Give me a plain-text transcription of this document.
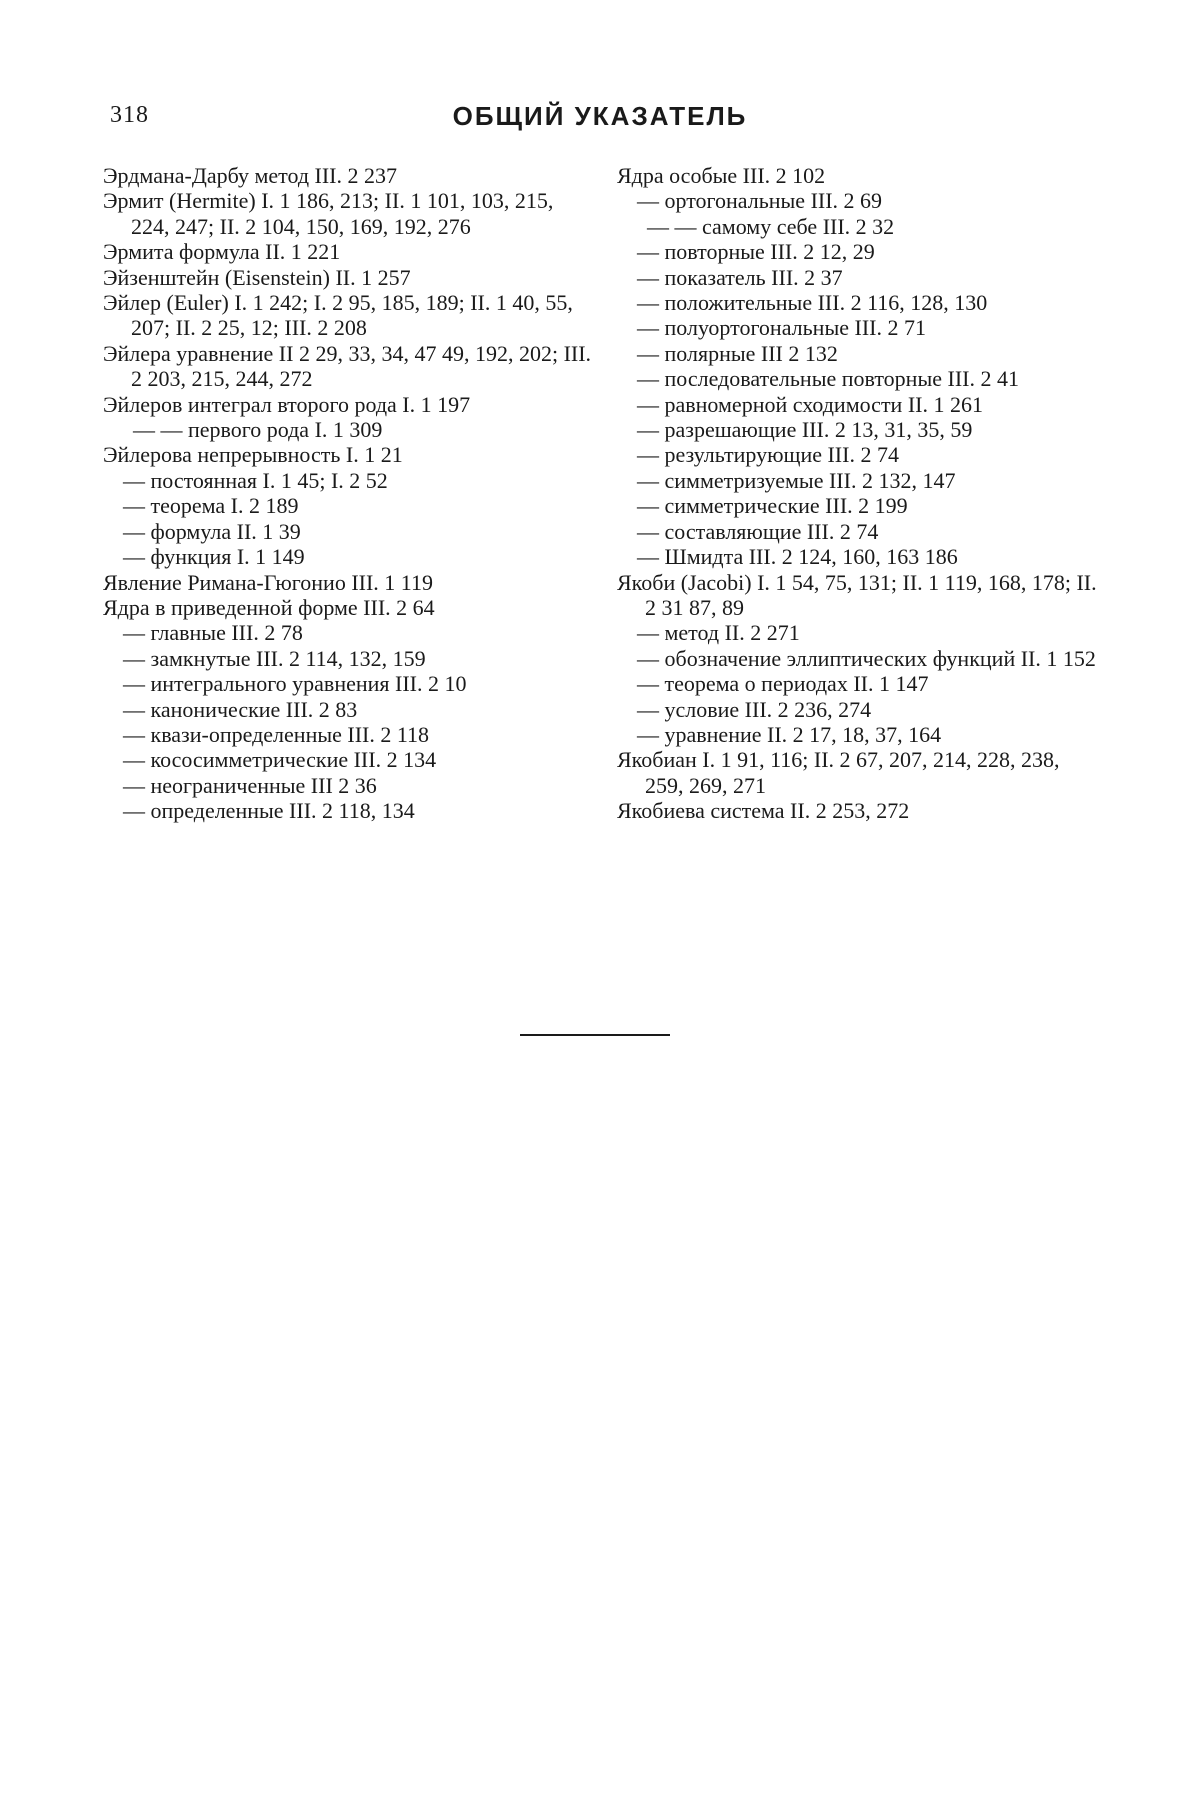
318	ОБЩИЙ УКАЗАТЕЛЬ

Эрдмана-Дарбу метод III. 2 237

Эрмит (Hermite) I. 1 186, 213; II. 1 101, 103, 215, 224, 247; II. 2 104, 150, 169, 192, 276

Эрмита формула II. 1 221

Эйзенштейн (Eisenstein) II. 1 257

Эйлер (Euler) I. 1 242; I. 2 95, 185, 189; II. 1 40, 55, 207; II. 2 25, 12; III. 2 208

Эйлера уравнение II 2 29, 33, 34, 47 49, 192, 202; III. 2 203, 215, 244, 272

Эйлеров интеграл второго рода I. 1 197

— — первого рода I. 1 309

Эйлерова непрерывность I. 1 21

— постоянная I. 1 45; I. 2 52

— теорема I. 2 189

— формула II. 1 39

— функция I. 1 149

Явление Римана-Гюгонио III. 1 119

Ядра в приведенной форме III. 2 64

— главные III. 2 78

— замкнутые III. 2 114, 132, 159

— интегрального уравнения III. 2 10

— канонические III. 2 83

— квази-определенные III. 2 118

— кососимметрические III. 2 134

— неограниченные III 2 36

— определенные III. 2 118, 134

Ядра особые III. 2 102

— ортогональные III. 2 69

— — самому себе III. 2 32

— повторные III. 2 12, 29

— показатель III. 2 37

— положительные III. 2 116, 128, 130

— полуортогональные III. 2 71

— полярные III 2 132

— последовательные повторные III. 2 41

— равномерной сходимости II. 1 261

— разрешающие III. 2 13, 31, 35, 59

— результирующие III. 2 74

— симметризуемые III. 2 132, 147

— симметрические III. 2 199

— составляющие III. 2 74

— Шмидта III. 2 124, 160, 163 186

Якоби (Jacobi) I. 1 54, 75, 131; II. 1 119, 168, 178; II. 2 31 87, 89

— метод II. 2 271

— обозначение эллиптических функций II. 1 152

— теорема о периодах II. 1 147

— условие III. 2 236, 274

— уравнение II. 2 17, 18, 37, 164

Якобиан I. 1 91, 116; II. 2 67, 207, 214, 228, 238, 259, 269, 271

Якобиева система II. 2 253, 272
